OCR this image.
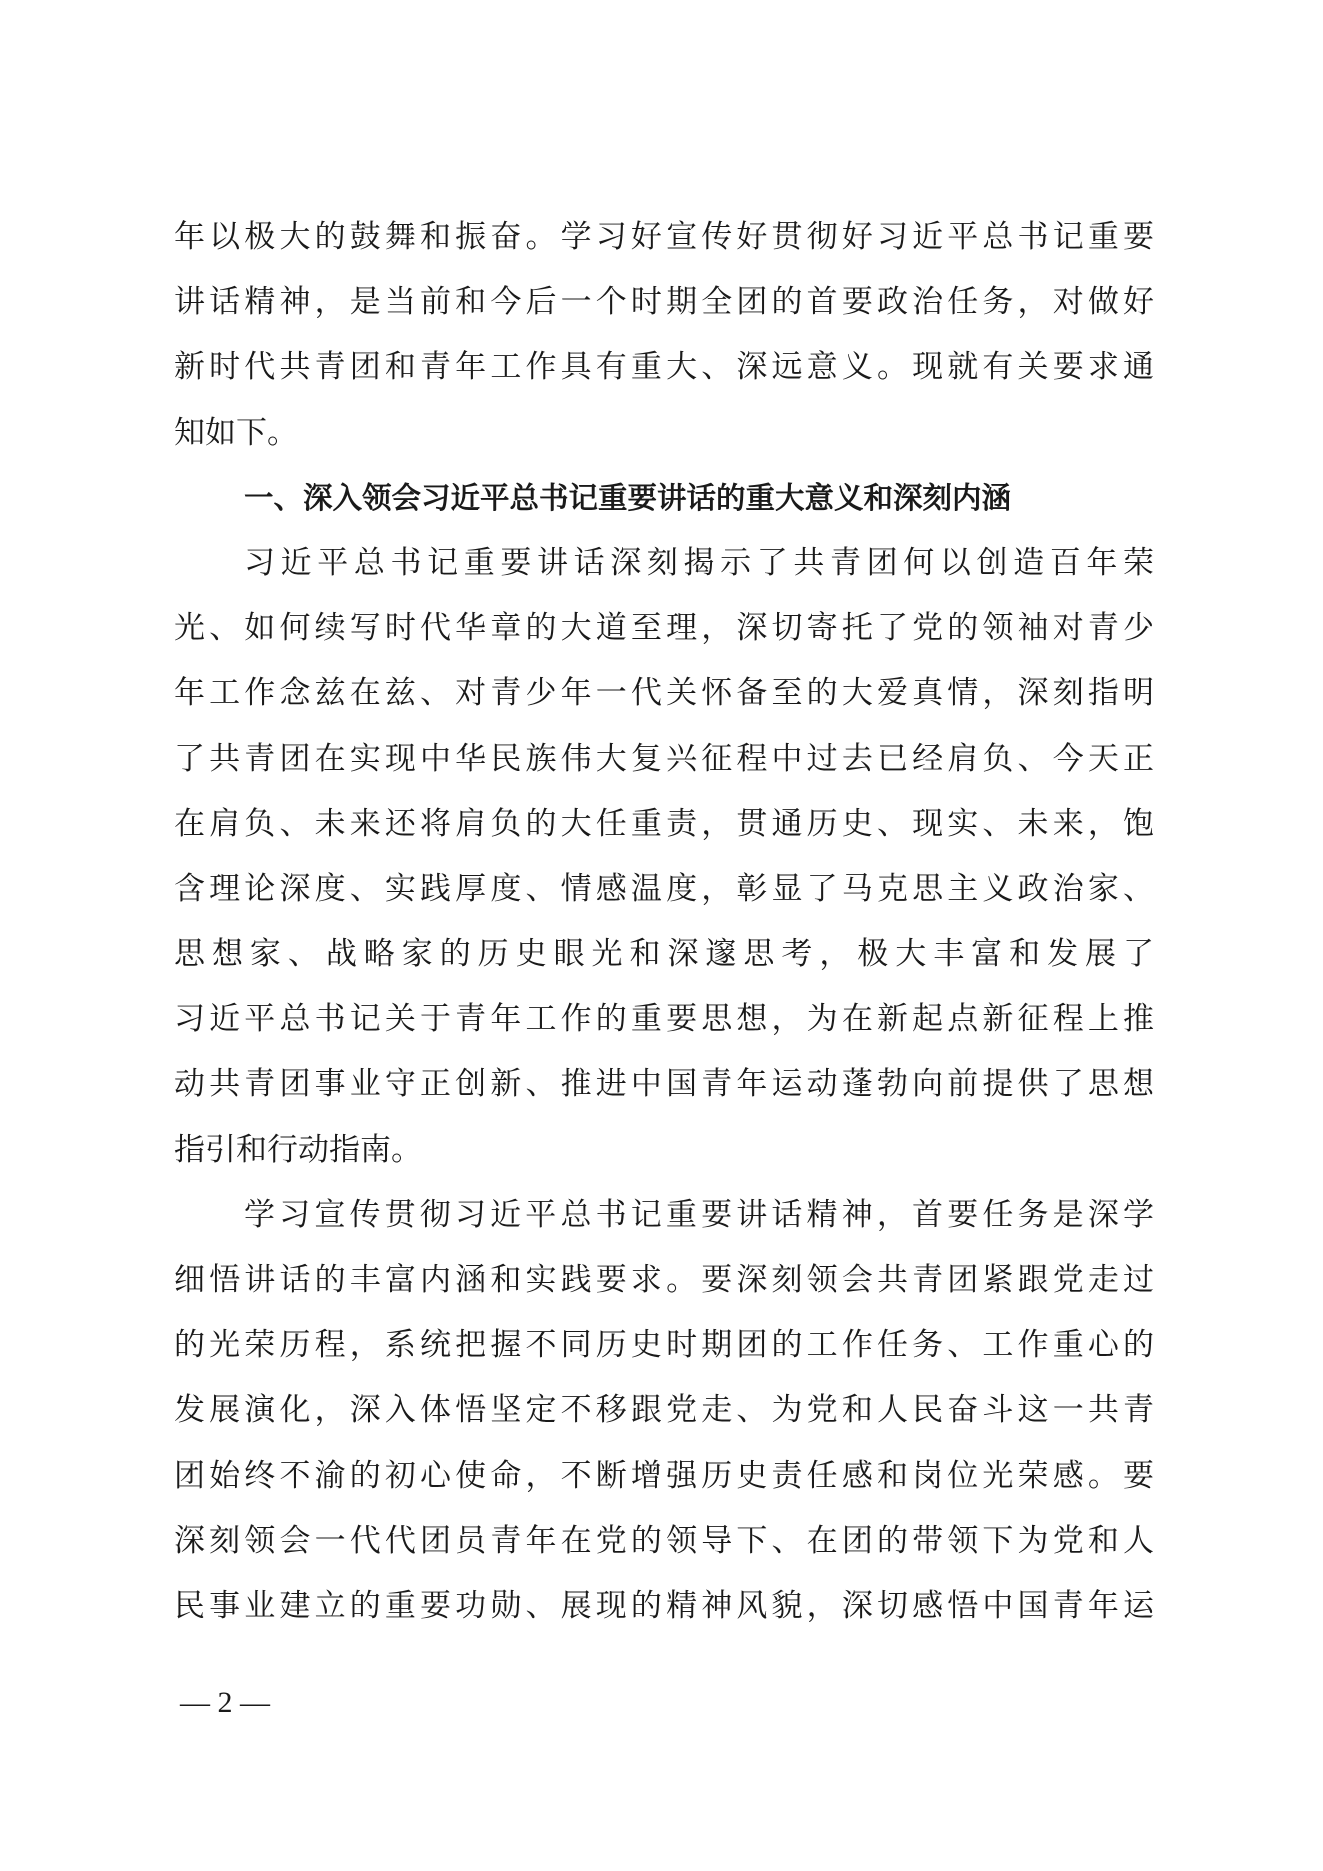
年以极大的鼓舞和振奋。学习好宣传好贯彻好习近平总书记重要
讲话精神，是当前和今后一个时期全团的首要政治任务，对做好
新时代共青团和青年工作具有重大、深远意义。现就有关要求通
知如下。
一、深入领会习近平总书记重要讲话的重大意义和深刻内涵
习近平总书记重要讲话深刻揭示了共青团何以创造百年荣
光、如何续写时代华章的大道至理，深切寄托了党的领袖对青少
年工作念兹在兹、对青少年一代关怀备至的大爱真情，深刻指明
了共青团在实现中华民族伟大复兴征程中过去已经肩负、今天正
在肩负、未来还将肩负的大任重责，贯通历史、现实、未来，饱
含理论深度、实践厚度、情感温度，彰显了马克思主义政治家、
思想家、战略家的历史眼光和深邃思考，极大丰富和发展了
习近平总书记关于青年工作的重要思想，为在新起点新征程上推
动共青团事业守正创新、推进中国青年运动蓬勃向前提供了思想
指引和行动指南。
学习宣传贯彻习近平总书记重要讲话精神，首要任务是深学
细悟讲话的丰富内涵和实践要求。要深刻领会共青团紧跟党走过
的光荣历程，系统把握不同历史时期团的工作任务、工作重心的
发展演化，深入体悟坚定不移跟党走、为党和人民奋斗这一共青
团始终不渝的初心使命，不断增强历史责任感和岗位光荣感。要
深刻领会一代代团员青年在党的领导下、在团的带领下为党和人
民事业建立的重要功勋、展现的精神风貌，深切感悟中国青年运
— 2 —
